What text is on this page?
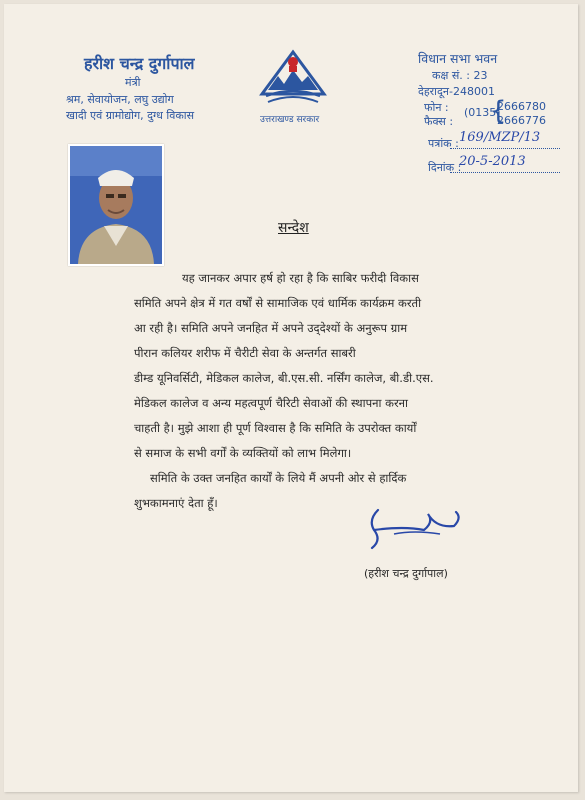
हरीश चन्द्र दुर्गापाल
मंत्री
श्रम, सेवायोजन, लघु उद्योग
खादी एवं ग्रामोद्योग, दुग्ध विकास	उत्तराखण्ड सरकार
विधान सभा भवन
कक्ष सं. : 23
देहरादून-248001
फोन :
फैक्स :
(0135)
{
2666780
2666776
पत्रांक : 169/MZP/13
दिनांक :
20-5-2013
सन्देश
यह जानकर अपार हर्ष हो रहा है कि साबिर फरीदी विकास
समिति अपने क्षेत्र में गत वर्षों से सामाजिक एवं धार्मिक कार्यक्रम करती
आ रही है। समिति अपने जनहित में अपने उद्‌देश्यों के अनुरूप ग्राम
पीरान कलियर शरीफ में चैरीटी सेवा के अन्तर्गत साबरी
डीम्ड यूनिवर्सिटी, मेडिकल कालेज, बी.एस.सी. नर्सिंग कालेज, बी.डी.एस.
मेडिकल कालेज व अन्य महत्वपूर्ण चैरिटी सेवाओं की स्थापना करना
चाहती है। मुझे आशा ही पूर्ण विश्वास है कि समिति के उपरोक्त कार्यों
से समाज के सभी वर्गों के व्यक्तियों को लाभ मिलेगा।
समिति के उक्त जनहित कार्यों के लिये मैं अपनी ओर से हार्दिक
शुभकामनाएं देता हूँ।
(हरीश चन्द्र दुर्गापाल)
